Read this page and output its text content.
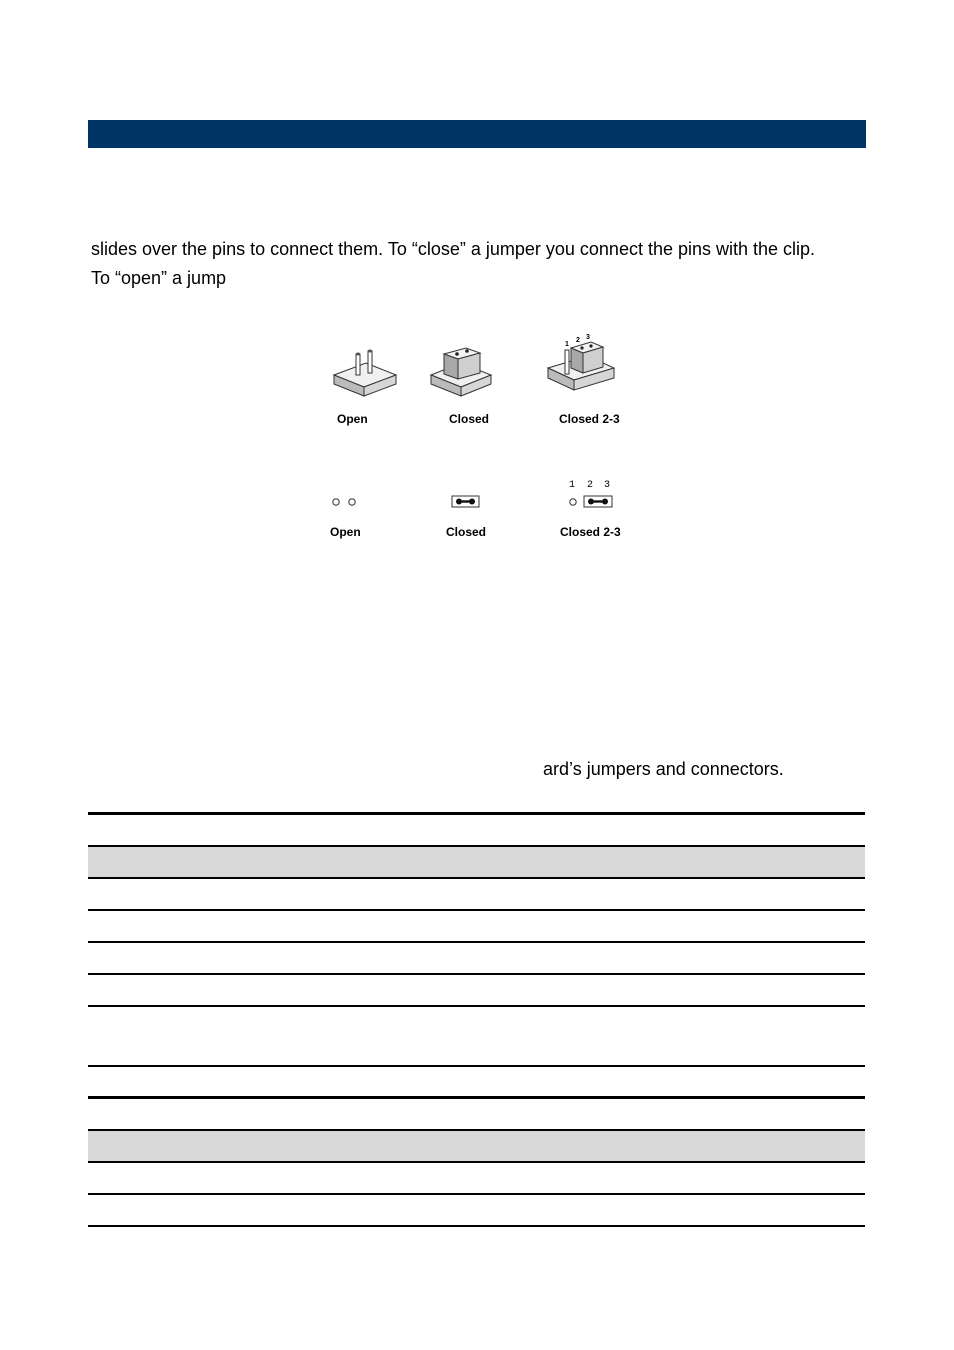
slides over the pins to connect them. To “close” a jumper you connect the pins with the clip.
To “open” a jump
1
2 3
Open	Closed	Closed 2-3
1 2 3
Open	Closed	Closed 2-3
ard’s jumpers and connectors.
